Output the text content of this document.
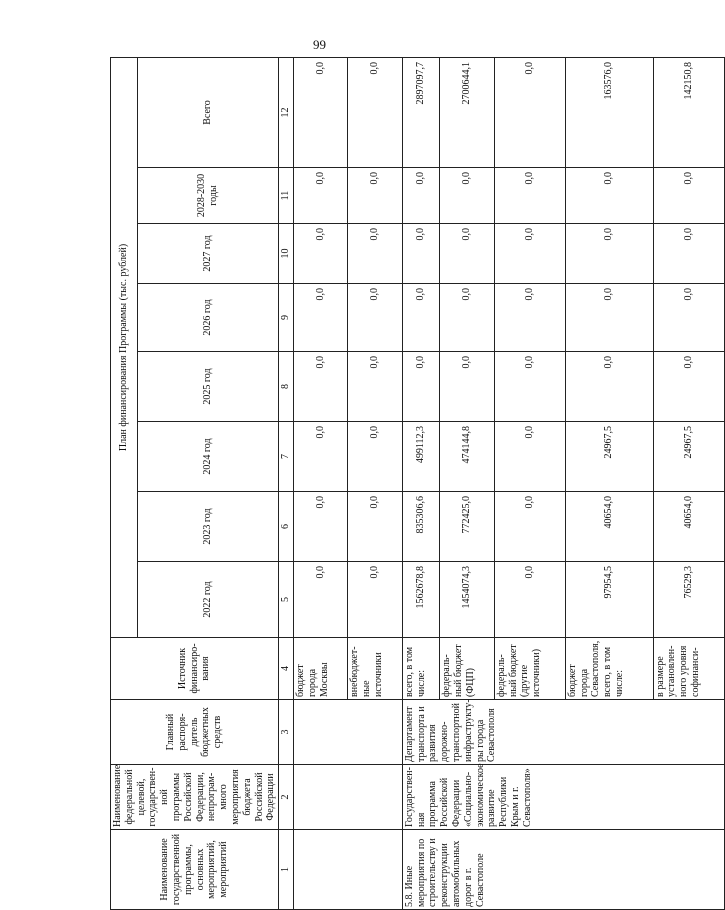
99
Наименование государственной программы, основных мероприятий, мероприятий	Наименование федеральной целевой, государствен-ной программы Российской Федерации, непрограм-много мероприятия бюджета Российской Федерации	Главный распоря-дитель бюджетных средств	Источник финансиро-вания	План финансирования Программы (тыс. рублей)							
				2022 год	2023 год	2024 год	2025 год	2026 год	2027 год	2028-2030 годы	Всего
1	2	3	4	5	6	7	8	9	10	11	12
			бюджет города Москвы	0,0	0,0	0,0	0,0	0,0	0,0	0,0	0,0
			внебюджет-ные источники	0,0	0,0	0,0	0,0	0,0	0,0	0,0	0,0
5.8. Иные мероприятия по строительству и реконструкции автомобильных дорог в г. Севастополе	Государствен-ная программа Российской Федерации «Социально-экономическое развитие Республики Крым и г. Севастополя»	Департамент транспорта и развития дорожно-транспортной инфраструкту-ры города Севастополя	всего, в том числе:	1562678,8	835306,6	499112,3	0,0	0,0	0,0	0,0	2897097,7
			федераль-ный бюджет (ФЦП)	1454074,3	772425,0	474144,8	0,0	0,0	0,0	0,0	2700644,1
			федераль-ный бюджет (другие источники)	0,0	0,0	0,0	0,0	0,0	0,0	0,0	0,0
			бюджет города Севастополя, всего, в том числе:	97954,5	40654,0	24967,5	0,0	0,0	0,0	0,0	163576,0
			в размере установлен-ного уровня софинанси-	76529,3	40654,0	24967,5	0,0	0,0	0,0	0,0	142150,8
